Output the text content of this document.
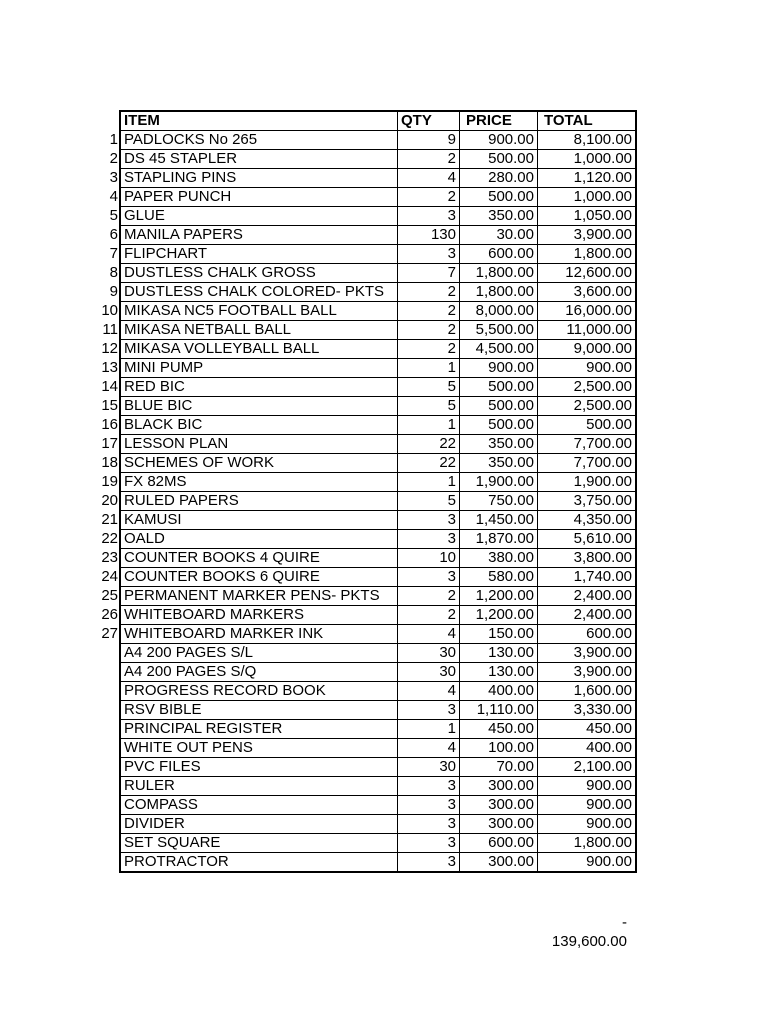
	ITEM	QTY	PRICE	TOTAL
1	PADLOCKS No 265	9	900.00	8,100.00
2	DS 45 STAPLER	2	500.00	1,000.00
3	STAPLING PINS	4	280.00	1,120.00
4	PAPER PUNCH	2	500.00	1,000.00
5	GLUE	3	350.00	1,050.00
6	MANILA PAPERS	130	30.00	3,900.00
7	FLIPCHART	3	600.00	1,800.00
8	DUSTLESS CHALK GROSS	7	1,800.00	12,600.00
9	DUSTLESS CHALK COLORED- PKTS	2	1,800.00	3,600.00
10	MIKASA NC5 FOOTBALL BALL	2	8,000.00	16,000.00
11	MIKASA NETBALL BALL	2	5,500.00	11,000.00
12	MIKASA VOLLEYBALL BALL	2	4,500.00	9,000.00
13	MINI PUMP	1	900.00	900.00
14	RED BIC	5	500.00	2,500.00
15	BLUE BIC	5	500.00	2,500.00
16	BLACK BIC	1	500.00	500.00
17	LESSON PLAN	22	350.00	7,700.00
18	SCHEMES OF WORK	22	350.00	7,700.00
19	FX 82MS	1	1,900.00	1,900.00
20	RULED PAPERS	5	750.00	3,750.00
21	KAMUSI	3	1,450.00	4,350.00
22	OALD	3	1,870.00	5,610.00
23	COUNTER BOOKS 4 QUIRE	10	380.00	3,800.00
24	COUNTER BOOKS 6 QUIRE	3	580.00	1,740.00
25	PERMANENT MARKER PENS- PKTS	2	1,200.00	2,400.00
26	WHITEBOARD MARKERS	2	1,200.00	2,400.00
27	WHITEBOARD MARKER INK	4	150.00	600.00
	A4 200 PAGES S/L	30	130.00	3,900.00
	A4 200 PAGES S/Q	30	130.00	3,900.00
	PROGRESS RECORD BOOK	4	400.00	1,600.00
	RSV BIBLE	3	1,110.00	3,330.00
	PRINCIPAL REGISTER	1	450.00	450.00
	WHITE OUT PENS	4	100.00	400.00
	PVC FILES	30	70.00	2,100.00
	RULER	3	300.00	900.00
	COMPASS	3	300.00	900.00
	DIVIDER	3	300.00	900.00
	SET SQUARE	3	600.00	1,800.00
	PROTRACTOR	3	300.00	900.00
-
139,600.00
